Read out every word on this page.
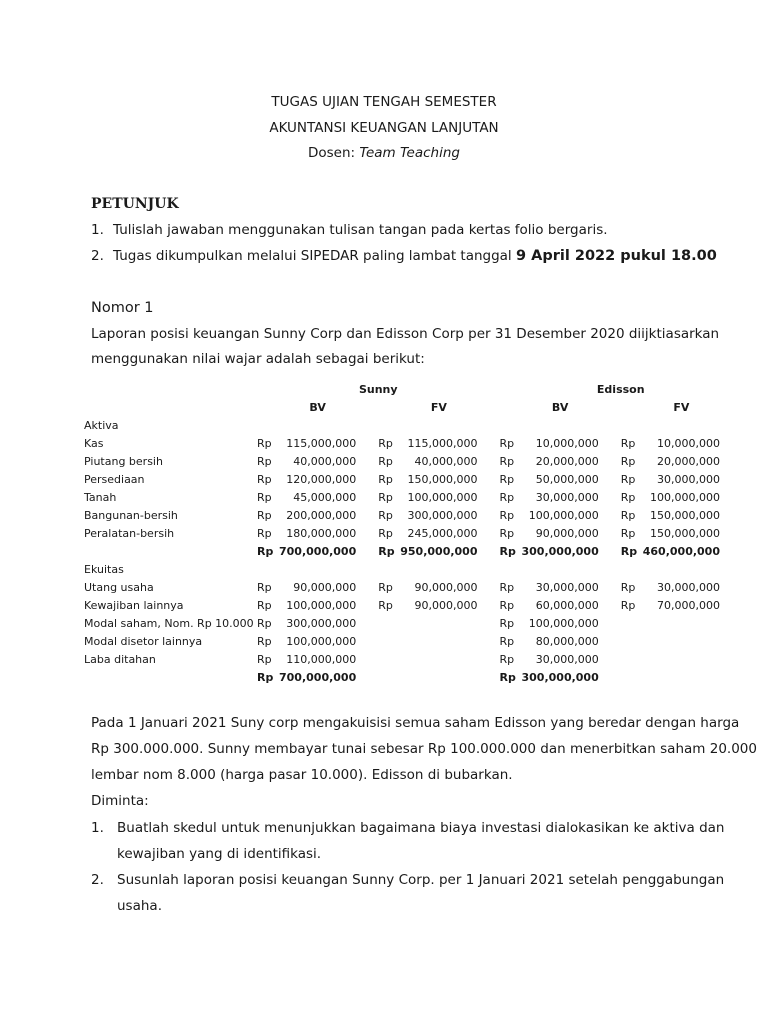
TUGAS UJIAN TENGAH SEMESTER
AKUNTANSI KEUANGAN LANJUTAN
Dosen: Team Teaching
PETUNJUK
1. Tulislah jawaban menggunakan tulisan tangan pada kertas folio bergaris.
2. Tugas dikumpulkan melalui SIPEDAR paling lambat tanggal 9 April 2022 pukul 18.00
Nomor 1
Laporan posisi keuangan Sunny Corp dan Edisson Corp per 31 Desember 2020 diijktiasarkan
menggunakan nilai wajar adalah sebagai berikut:
	Sunny				Edisson			
	BV		FV		BV		FV	
Aktiva								
Kas	Rp	115,000,000	Rp	115,000,000	Rp	10,000,000	Rp	10,000,000
Piutang bersih	Rp	40,000,000	Rp	40,000,000	Rp	20,000,000	Rp	20,000,000
Persediaan	Rp	120,000,000	Rp	150,000,000	Rp	50,000,000	Rp	30,000,000
Tanah	Rp	45,000,000	Rp	100,000,000	Rp	30,000,000	Rp	100,000,000
Bangunan-bersih	Rp	200,000,000	Rp	300,000,000	Rp	100,000,000	Rp	150,000,000
Peralatan-bersih	Rp	180,000,000	Rp	245,000,000	Rp	90,000,000	Rp	150,000,000
	Rp	700,000,000	Rp	950,000,000	Rp	300,000,000	Rp	460,000,000
Ekuitas								
Utang usaha	Rp	90,000,000	Rp	90,000,000	Rp	30,000,000	Rp	30,000,000
Kewajiban lainnya	Rp	100,000,000	Rp	90,000,000	Rp	60,000,000	Rp	70,000,000
Modal saham, Nom. Rp 10.000	Rp	300,000,000			Rp	100,000,000		
Modal disetor lainnya	Rp	100,000,000			Rp	80,000,000		
Laba ditahan	Rp	110,000,000			Rp	30,000,000		
	Rp	700,000,000			Rp	300,000,000		
Pada 1 Januari 2021 Suny corp mengakuisisi semua saham Edisson yang beredar dengan harga
Rp 300.000.000. Sunny membayar tunai sebesar Rp 100.000.000 dan menerbitkan saham 20.000
lembar nom 8.000 (harga pasar 10.000). Edisson di bubarkan.
Diminta:
1. Buatlah skedul untuk menunjukkan bagaimana biaya investasi dialokasikan ke aktiva dan
kewajiban yang di identifikasi.
2. Susunlah laporan posisi keuangan Sunny Corp. per 1 Januari 2021 setelah penggabungan
usaha.
